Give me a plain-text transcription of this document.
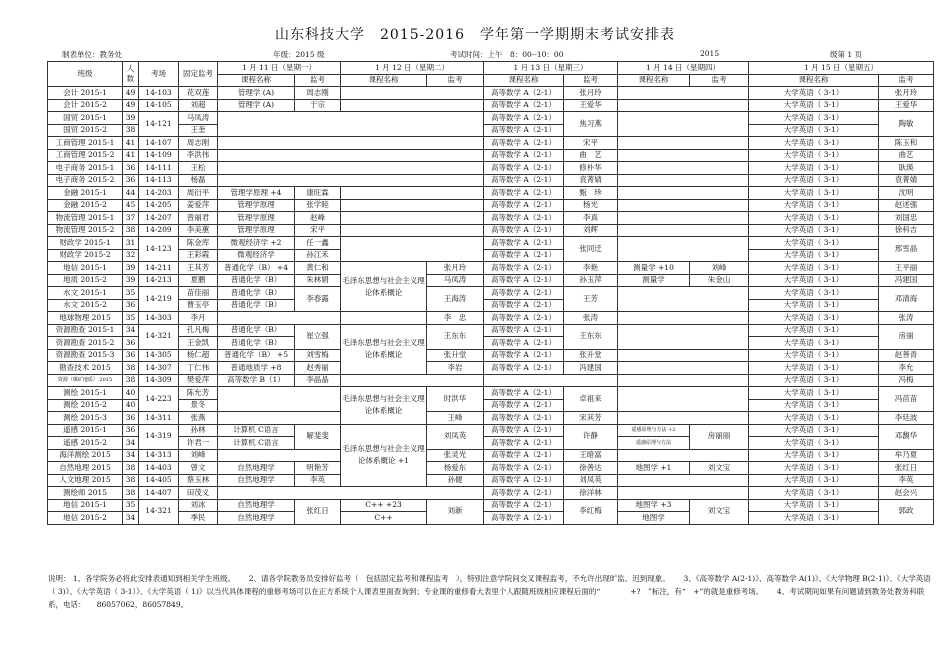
山东科技大学　2015-2016　学年第一学期期末考试安排表
制表单位：教务处	年级：2015 级	考试时间：上午　8：00--10：00	2015	级第 1 页
班级	人数	考场	固定监考	1 月 11 日（星期一）		1 月 12 日（星期二）		1 月 13 日（星期三）		1 月 14 日（星期四）		1 月 15 日（星期五）	
				课程名称	监考	课程名称	监考	课程名称	监考	课程名称	监考	课程名称	监考
会计 2015-1	49	14-103	花双莲	管理学 (A)	周志刚			高等数学 A（2-1）	张月玲			大学英语（ 3-1）	张月玲
会计 2015-2	49	14-105	刘超	管理学 (A)	于宗			高等数学 A（2-1）	王爱华			大学英语（ 3-1）	王爱华
国贸 2015-1	39	14-121	马凤涛					高等数学 A（2-1）	焦习燕			大学英语（ 3-1）	陶敏
国贸 2015-2	38		王奎					高等数学 A（2-1）				大学英语（ 3-1）	
工商管理 2015-1	41	14-107	周志刚					高等数学 A（2-1）	宋平			大学英语（ 3-1）	陈玉和
工商管理 2015-2	41	14-109	李洪伟					高等数学 A（2-1）	曲　艺			大学英语（ 3-1）	曲艺
电子商务 2015-1	36	14-111	王松					高等数学 A（2-1）	修朴华			大学英语（ 3-1）	耿瑛
电子商务 2015-2	36	14-113	杨磊					高等数学 A（2-1）	袁菁婧			大学英语（ 3-1）	袁菁婧
金融 2015-1	44	14-203	周衍平	管理学原理 +4	康旺霖			高等数学 A（2-1）	甄　珍			大学英语（ 3-1）	沈明
金融 2015-2	45	14-205	姜爱萍	管理学原理	张学睦			高等数学 A（2-1）	杨光			大学英语（ 3-1）	赵述强
物流管理 2015-1	37	14-207	曾丽君	管理学原理	赵峰			高等数学 A（2-1）	李真			大学英语（ 3-1）	刘国忠
物流管理 2015-2	38	14-209	李美蕙	管理学原理	宋平			高等数学 A（2-1）	刘辉			大学英语（ 3-1）	徐科吉
财政学 2015-1	31	14-123	陈金库	微观经济学 +2	任一鑫			高等数学 A（2-1）	张同迁			大学英语（ 3-1）	邢雪晶
财政学 2015-2	32		王彩霞	微观经济学	孙江禾			高等数学 A（2-1）				大学英语（ 3-1）	
地信 2015-1	39	14-211	王其芳	普通化学（B） +4	黄仁和	毛泽东思想与社会主义理论体系概论	张月玲	高等数学 A（2-1）	李艳	测量学 +10	刘峰	大学英语（ 3-1）	王平丽
地质 2015-2	39	14-213	夏鹏	普通化学（B）	朱林娟		马凤涛	高等数学 A（2-1）	孙玉萍	测量学	朱金山	大学英语（ 3-1）	冯建国
水文 2015-1	35	14-219	苗佳丽	普通化学（B）	李春露		王海涛	高等数学 A（2-1）	王芳			大学英语（ 3-1）	邓清海
水文 2015-2	36		曹玉亭	普通化学（B）				高等数学 A（2-1）				大学英语（ 3-1）	
地球物理 2015	35	14-303	李月				李　忠	高等数学 A（2-1）	张涛			大学英语（ 3-1）	张涛
资源勘查 2015-1	34	14-321	孔凡梅	普通化学（B）	崔立强	毛泽东思想与社会主义理论体系概论	王东东	高等数学 A（2-1）	王东东			大学英语（ 3-1）	房丽
资源勘查 2015-2	36		王金凯	普通化学（B）				高等数学 A（2-1）				大学英语（ 3-1）	
资源勘查 2015-3	36	14-305	杨仁超	普通化学（B） +5	刘雪梅		张升堂	高等数学 A（2-1）	张升堂			大学英语（ 3-1）	赵善青
勘查技术 2015	38	14-307	丁仁伟	普通地质学 +8	赵秀丽		李岩	高等数学 A（2-1）	冯建国			大学英语（ 3-1）	李允
资源（煤矿地质） 2015	38	14-309	樊爱萍	高等数学 B（1）	李晶晶							大学英语（ 3-1）	冯梅
测绘 2015-1	40	14-223	陈允芳			毛泽东思想与社会主义理论体系概论	时洪华	高等数学 A（2-1）	卓祖来			大学英语（ 3-1）	冯苗苗
测绘 2015-2	40		景冬					高等数学 A（2-1）				大学英语（ 3-1）	
测绘 2015-3	36	14-311	张燕				王峰	高等数学 A（2-1）	宋其芳			大学英语（ 3-1）	李廷波
遥感 2015-1	36	14-319	孙林	计算机 C语言	解斐斐	毛泽东思想与社会主义理论体系概论 +1	刘凤英	高等数学 A（2-1）	许静	遥感原理与方法 +2	房丽丽	大学英语（ 3-1）	邓馥华
遥感 2015-2	34		许君一	计算机 C语言				高等数学 A（2-1）		遥感原理与方法		大学英语（ 3-1）	
海洋测绘 2015	34	14-313	刘峰				张灵光	高等数学 A（2-1）	王暗富			大学英语（ 3-1）	牟乃夏
自然地理 2015	38	14-403	曾文	自然地理学	明艳芳		杨爱东	高等数学 A（2-1）	徐善达	地图学 +1	刘文宝	大学英语（ 3-1）	张红日
人文地理 2015	38	14-405	蔡玉林	自然地理学	李英		孙健	高等数学 A（2-1）	刘凤英			大学英语（ 3-1）	李英
测绘师 2015	38	14-407	田茂义					高等数学 A（2-1）	徐洋林			大学英语（ 3-1）	赵会兴
地信 2015-1	35	14-321	刘冰	自然地理学	张红日	C++ +23	刘新	高等数学 A（2-1）	李红梅	地图学 +3	刘文宝	大学英语（ 3-1）	郭政
地信 2015-2	34		季民	自然地理学		C++		高等数学 A（2-1）		地图学		大学英语（ 3-1）	
说明： 1、各学院务必将此安排表通知到相关学生班级。　　 2、请各学院教务员安排好监考（　包括固定监考和课程监考　），特别注意学院间交叉课程监考，不允许出现旷监、迟到现象。　　 3、《高等数学 A(2-1)》、高等数学 A(1)》、《大学物理 B(2-1)》、《大学英语（ 3)》、《大学英语（ 3-1）》、《大学英语（ 1)》以当代具体课程的重修考场可以在正方系统个人课表里面查询到；专业课的重修看大表里个人跟随班级相应课程后面的“　　　　+?　”标注，有“　+”的就是重修考场。　　 4、考试期间如果有问题请到教务处教务科联系，电话：　　86057062，86057849。
